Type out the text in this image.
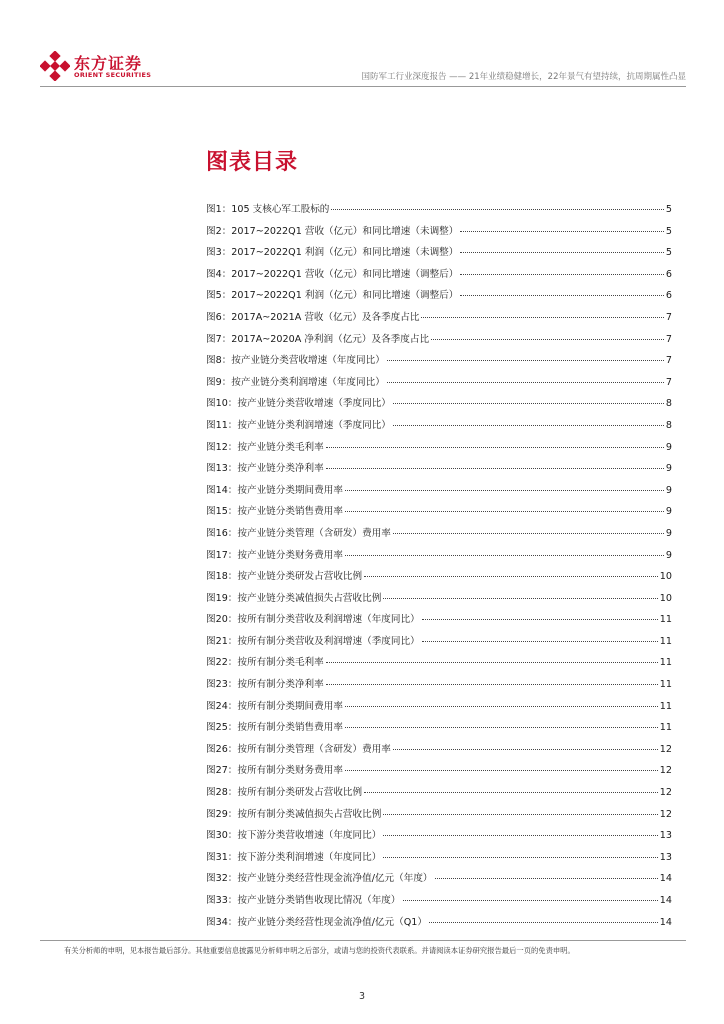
东方证券
ORIENT SECURITIES	国防军工行业深度报告 —— 21年业绩稳健增长，22年景气有望持续，抗周期属性凸显
图表目录
图1：105 支核心军工股标的	5
图2：2017~2022Q1 营收（亿元）和同比增速（未调整）	5
图3：2017~2022Q1 利润（亿元）和同比增速（未调整）	5
图4：2017~2022Q1 营收（亿元）和同比增速（调整后）	6
图5：2017~2022Q1 利润（亿元）和同比增速（调整后）	6
图6：2017A~2021A 营收（亿元）及各季度占比	7
图7：2017A~2020A 净利润（亿元）及各季度占比	7
图8：按产业链分类营收增速（年度同比）	7
图9：按产业链分类利润增速（年度同比）	7
图10：按产业链分类营收增速（季度同比）	8
图11：按产业链分类利润增速（季度同比）	8
图12：按产业链分类毛利率	9
图13：按产业链分类净利率	9
图14：按产业链分类期间费用率	9
图15：按产业链分类销售费用率	9
图16：按产业链分类管理（含研发）费用率	9
图17：按产业链分类财务费用率	9
图18：按产业链分类研发占营收比例	10
图19：按产业链分类减值损失占营收比例	10
图20：按所有制分类营收及利润增速（年度同比）	11
图21：按所有制分类营收及利润增速（季度同比）	11
图22：按所有制分类毛利率	11
图23：按所有制分类净利率	11
图24：按所有制分类期间费用率	11
图25：按所有制分类销售费用率	11
图26：按所有制分类管理（含研发）费用率	12
图27：按所有制分类财务费用率	12
图28：按所有制分类研发占营收比例	12
图29：按所有制分类减值损失占营收比例	12
图30：按下游分类营收增速（年度同比）	13
图31：按下游分类利润增速（年度同比）	13
图32：按产业链分类经营性现金流净值/亿元（年度）	14
图33：按产业链分类销售收现比情况（年度）	14
图34：按产业链分类经营性现金流净值/亿元（Q1）	14
有关分析师的申明，见本报告最后部分。其他重要信息披露见分析师申明之后部分，或请与您的投资代表联系。并请阅读本证券研究报告最后一页的免责申明。
3
